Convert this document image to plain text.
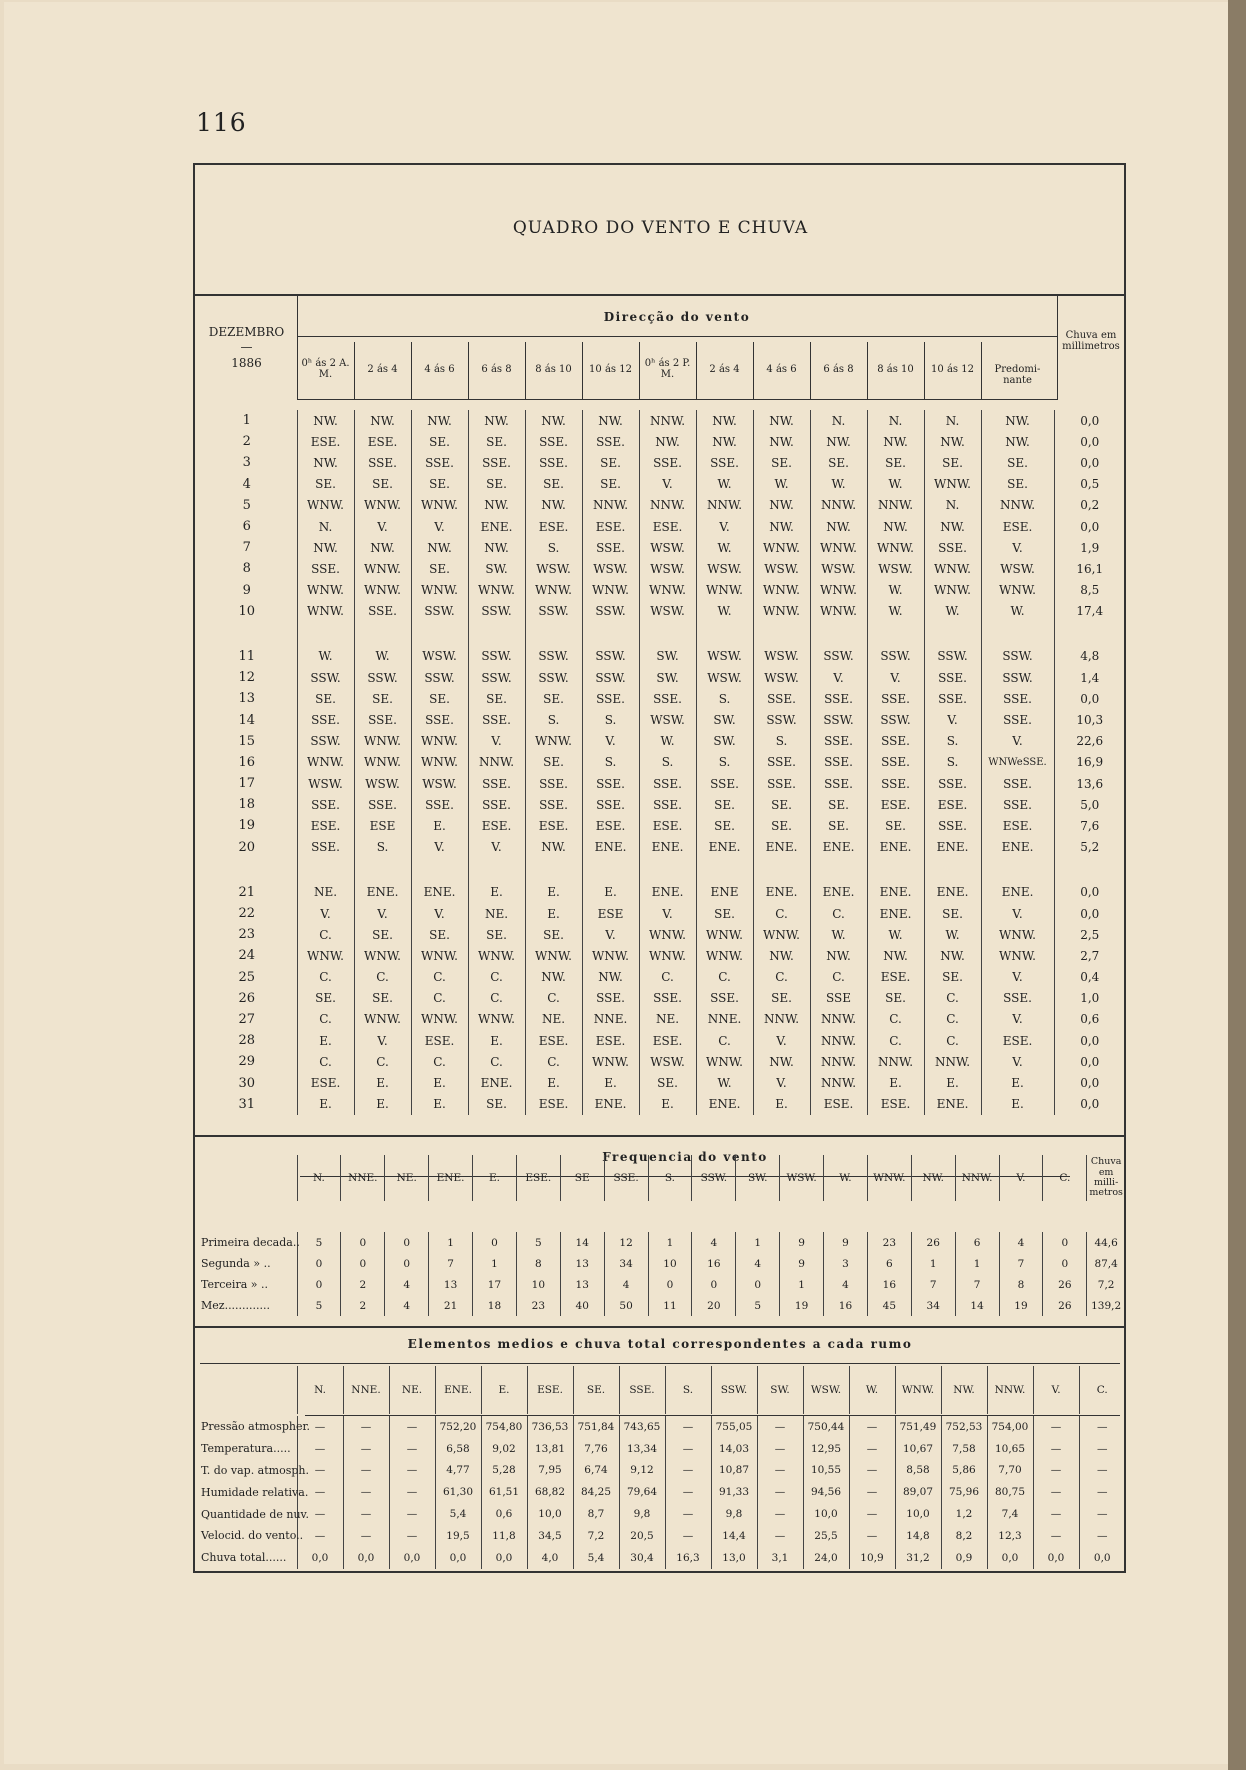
116
QUADRO DO VENTO E CHUVA
Direcção do vento
DEZEMBRO
—
1886
Chuva em millimetros
0ʰ ás 2 A. M.	2 ás 4	4 ás 6	6 ás 8	8 ás 10	10 ás 12
0ʰ ás 2 P. M.	2 ás 4	4 ás 6	6 ás 8	8 ás 10	10 ás 12	Predomi-nante
1	NW.	NW.	NW.	NW.	NW.	NW.	NNW.	NW.	NW.	N.	N.	N.	NW.	0,0
2	ESE.	ESE.	SE.	SE.	SSE.	SSE.	NW.	NW.	NW.	NW.	NW.	NW.	NW.	0,0
3	NW.	SSE.	SSE.	SSE.	SSE.	SE.	SSE.	SSE.	SE.	SE.	SE.	SE.	SE.	0,0
4	SE.	SE.	SE.	SE.	SE.	SE.	V.	W.	W.	W.	W.	WNW.	SE.	0,5
5	WNW.	WNW.	WNW.	NW.	NW.	NNW.	NNW.	NNW.	NW.	NNW.	NNW.	N.	NNW.	0,2
6	N.	V.	V.	ENE.	ESE.	ESE.	ESE.	V.	NW.	NW.	NW.	NW.	ESE.	0,0
7	NW.	NW.	NW.	NW.	S.	SSE.	WSW.	W.	WNW.	WNW.	WNW.	SSE.	V.	1,9
8	SSE.	WNW.	SE.	SW.	WSW.	WSW.	WSW.	WSW.	WSW.	WSW.	WSW.	WNW.	WSW.	16,1
9	WNW.	WNW.	WNW.	WNW.	WNW.	WNW.	WNW.	WNW.	WNW.	WNW.	W.	WNW.	WNW.	8,5
10	WNW.	SSE.	SSW.	SSW.	SSW.	SSW.	WSW.	W.	WNW.	WNW.	W.	W.	W.	17,4

11	W.	W.	WSW.	SSW.	SSW.	SSW.	SW.	WSW.	WSW.	SSW.	SSW.	SSW.	SSW.	4,8
12	SSW.	SSW.	SSW.	SSW.	SSW.	SSW.	SW.	WSW.	WSW.	V.	V.	SSE.	SSW.	1,4
13	SE.	SE.	SE.	SE.	SE.	SSE.	SSE.	S.	SSE.	SSE.	SSE.	SSE.	SSE.	0,0
14	SSE.	SSE.	SSE.	SSE.	S.	S.	WSW.	SW.	SSW.	SSW.	SSW.	V.	SSE.	10,3
15	SSW.	WNW.	WNW.	V.	WNW.	V.	W.	SW.	S.	SSE.	SSE.	S.	V.	22,6
16	WNW.	WNW.	WNW.	NNW.	SE.	S.	S.	S.	SSE.	SSE.	SSE.	S.	WNWeSSE.	16,9
17	WSW.	WSW.	WSW.	SSE.	SSE.	SSE.	SSE.	SSE.	SSE.	SSE.	SSE.	SSE.	SSE.	13,6
18	SSE.	SSE.	SSE.	SSE.	SSE.	SSE.	SSE.	SE.	SE.	SE.	ESE.	ESE.	SSE.	5,0
19	ESE.	ESE	E.	ESE.	ESE.	ESE.	ESE.	SE.	SE.	SE.	SE.	SSE.	ESE.	7,6
20	SSE.	S.	V.	V.	NW.	ENE.	ENE.	ENE.	ENE.	ENE.	ENE.	ENE.	ENE.	5,2

21	NE.	ENE.	ENE.	E.	E.	E.	ENE.	ENE	ENE.	ENE.	ENE.	ENE.	ENE.	0,0
22	V.	V.	V.	NE.	E.	ESE	V.	SE.	C.	C.	ENE.	SE.	V.	0,0
23	C.	SE.	SE.	SE.	SE.	V.	WNW.	WNW.	WNW.	W.	W.	W.	WNW.	2,5
24	WNW.	WNW.	WNW.	WNW.	WNW.	WNW.	WNW.	WNW.	NW.	NW.	NW.	NW.	WNW.	2,7
25	C.	C.	C.	C.	NW.	NW.	C.	C.	C.	C.	ESE.	SE.	V.	0,4
26	SE.	SE.	C.	C.	C.	SSE.	SSE.	SSE.	SE.	SSE	SE.	C.	SSE.	1,0
27	C.	WNW.	WNW.	WNW.	NE.	NNE.	NE.	NNE.	NNW.	NNW.	C.	C.	V.	0,6
28	E.	V.	ESE.	E.	ESE.	ESE.	ESE.	C.	V.	NNW.	C.	C.	ESE.	0,0
29	C.	C.	C.	C.	C.	WNW.	WSW.	WNW.	NW.	NNW.	NNW.	NNW.	V.	0,0
30	ESE.	E.	E.	ENE.	E.	E.	SE.	W.	V.	NNW.	E.	E.	E.	0,0
31	E.	E.	E.	SE.	ESE.	ENE.	E.	ENE.	E.	ESE.	ESE.	ENE.	E.	0,0
Frequencia do vento
	N.	NNE.	NE.	ENE.	E.	ESE.	SE	SSE.	S.	SSW.	SW.	WSW.	W.	WNW.	NW.	NNW.	V.	C.	Chuva em milli-metros
Primeira decada..	5	0	0	1	0	5	14	12	1	4	1	9	9	23	26	6	4	0	44,6
Segunda » ..	0	0	0	7	1	8	13	34	10	16	4	9	3	6	1	1	7	0	87,4
Terceira » ..	0	2	4	13	17	10	13	4	0	0	0	1	4	16	7	7	8	26	7,2
Mez.............	5	2	4	21	18	23	40	50	11	20	5	19	16	45	34	14	19	26	139,2
Elementos medios e chuva total correspondentes a cada rumo
	N.	NNE.	NE.	ENE.	E.	ESE.	SE.	SSE.	S.	SSW.	SW.	WSW.	W.	WNW.	NW.	NNW.	V.	C.
Pressão atmospher.	—	—	—	752,20	754,80	736,53	751,84	743,65	—	755,05	—	750,44	—	751,49	752,53	754,00	—	—
Temperatura.....	—	—	—	6,58	9,02	13,81	7,76	13,34	—	14,03	—	12,95	—	10,67	7,58	10,65	—	—
T. do vap. atmosph.	—	—	—	4,77	5,28	7,95	6,74	9,12	—	10,87	—	10,55	—	8,58	5,86	7,70	—	—
Humidade relativa.	—	—	—	61,30	61,51	68,82	84,25	79,64	—	91,33	—	94,56	—	89,07	75,96	80,75	—	—
Quantidade de nuv.	—	—	—	5,4	0,6	10,0	8,7	9,8	—	9,8	—	10,0	—	10,0	1,2	7,4	—	—
Velocid. do vento..	—	—	—	19,5	11,8	34,5	7,2	20,5	—	14,4	—	25,5	—	14,8	8,2	12,3	—	—
Chuva total......	0,0	0,0	0,0	0,0	0,0	4,0	5,4	30,4	16,3	13,0	3,1	24,0	10,9	31,2	0,9	0,0	0,0	0,0
